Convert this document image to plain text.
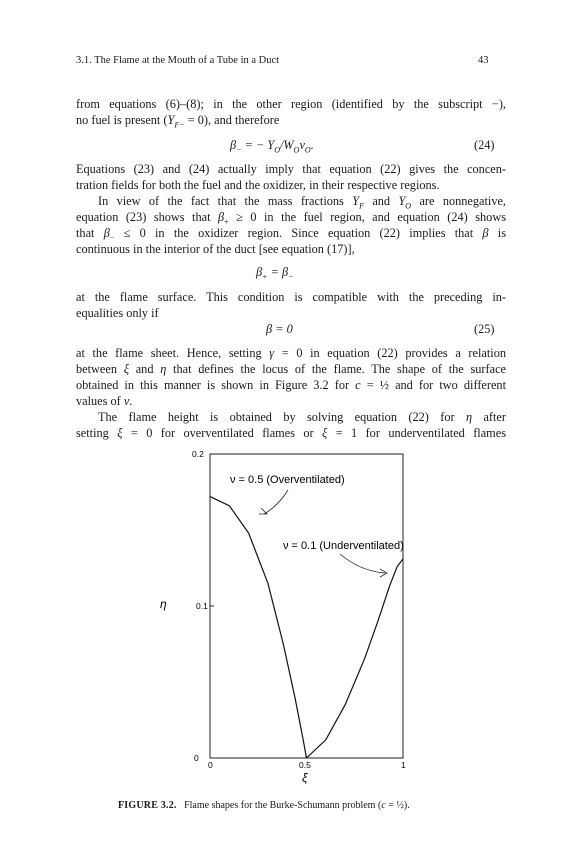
3.1. The Flame at the Mouth of a Tube in a Duct	43
from equations (6)–(8); in the other region (identified by the subscript −),
no fuel is present $(Y_{F-} = 0)$, and therefore
$\beta_-$ = − $Y_O/W_Ov_O$.	(24)
Equations (23) and (24) actually imply that equation (22) gives the concen-
tration fields for both the fuel and the oxidizer, in their respective regions.
In view of the fact that the mass fractions $Y_F$ and $Y_O$ are nonnegative,
equation (23) shows that $\beta_+ \ge 0$ in the fuel region, and equation (24) shows
that $\beta_- \le 0$ in the oxidizer region. Since equation (22) implies that β is
continuous in the interior of the duct [see equation (17)],
$\beta_+ = \beta_-$
at the flame surface. This condition is compatible with the preceding in-
equalities only if
β = 0	(25)
at the flame sheet. Hence, setting γ = 0 in equation (22) provides a relation
between ξ and η that defines the locus of the flame. The shape of the surface
obtained in this manner is shown in Figure 3.2 for c = ½ and for two different
values of ν.
The flame height is obtained by solving equation (22) for η after
setting ξ = 0 for overventilated flames or ξ = 1 for underventilated flames
0
0.1
0.2
0	0.5	1
ξ
η
ν = 0.5 (Overventilated)
ν = 0.1 (Underventilated)
FIGURE 3.2. Flame shapes for the Burke-Schumann problem (c = ½).
